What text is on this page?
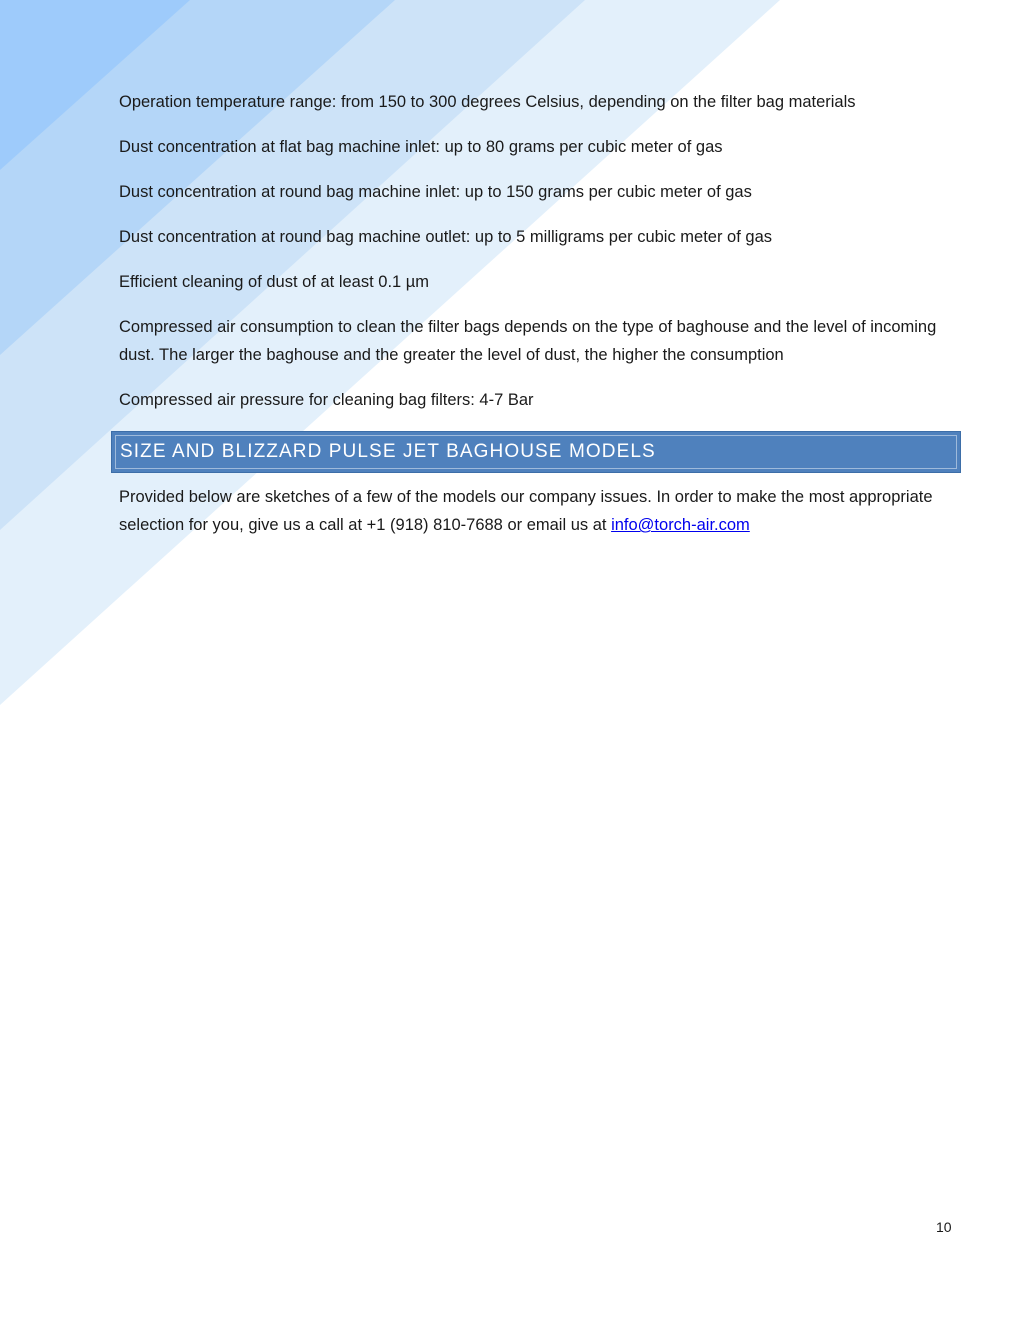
Operation temperature range: from 150 to 300 degrees Celsius, depending on the filter bag materials

Dust concentration at flat bag machine inlet: up to 80 grams per cubic meter of gas

Dust concentration at round bag machine inlet: up to 150 grams per cubic meter of gas

Dust concentration at round bag machine outlet: up to 5 milligrams per cubic meter of gas

Efficient cleaning of dust of at least 0.1 µm

Compressed air consumption to clean the filter bags depends on the type of baghouse and the level of incoming dust. The larger the baghouse and the greater the level of dust, the higher the consumption

Compressed air pressure for cleaning bag filters: 4-7 Bar

SIZE AND BLIZZARD PULSE JET BAGHOUSE MODELS

Provided below are sketches of a few of the models our company issues. In order to make the most appropriate selection for you, give us a call at +1 (918) 810-7688 or email us at info@torch-air.com

10
